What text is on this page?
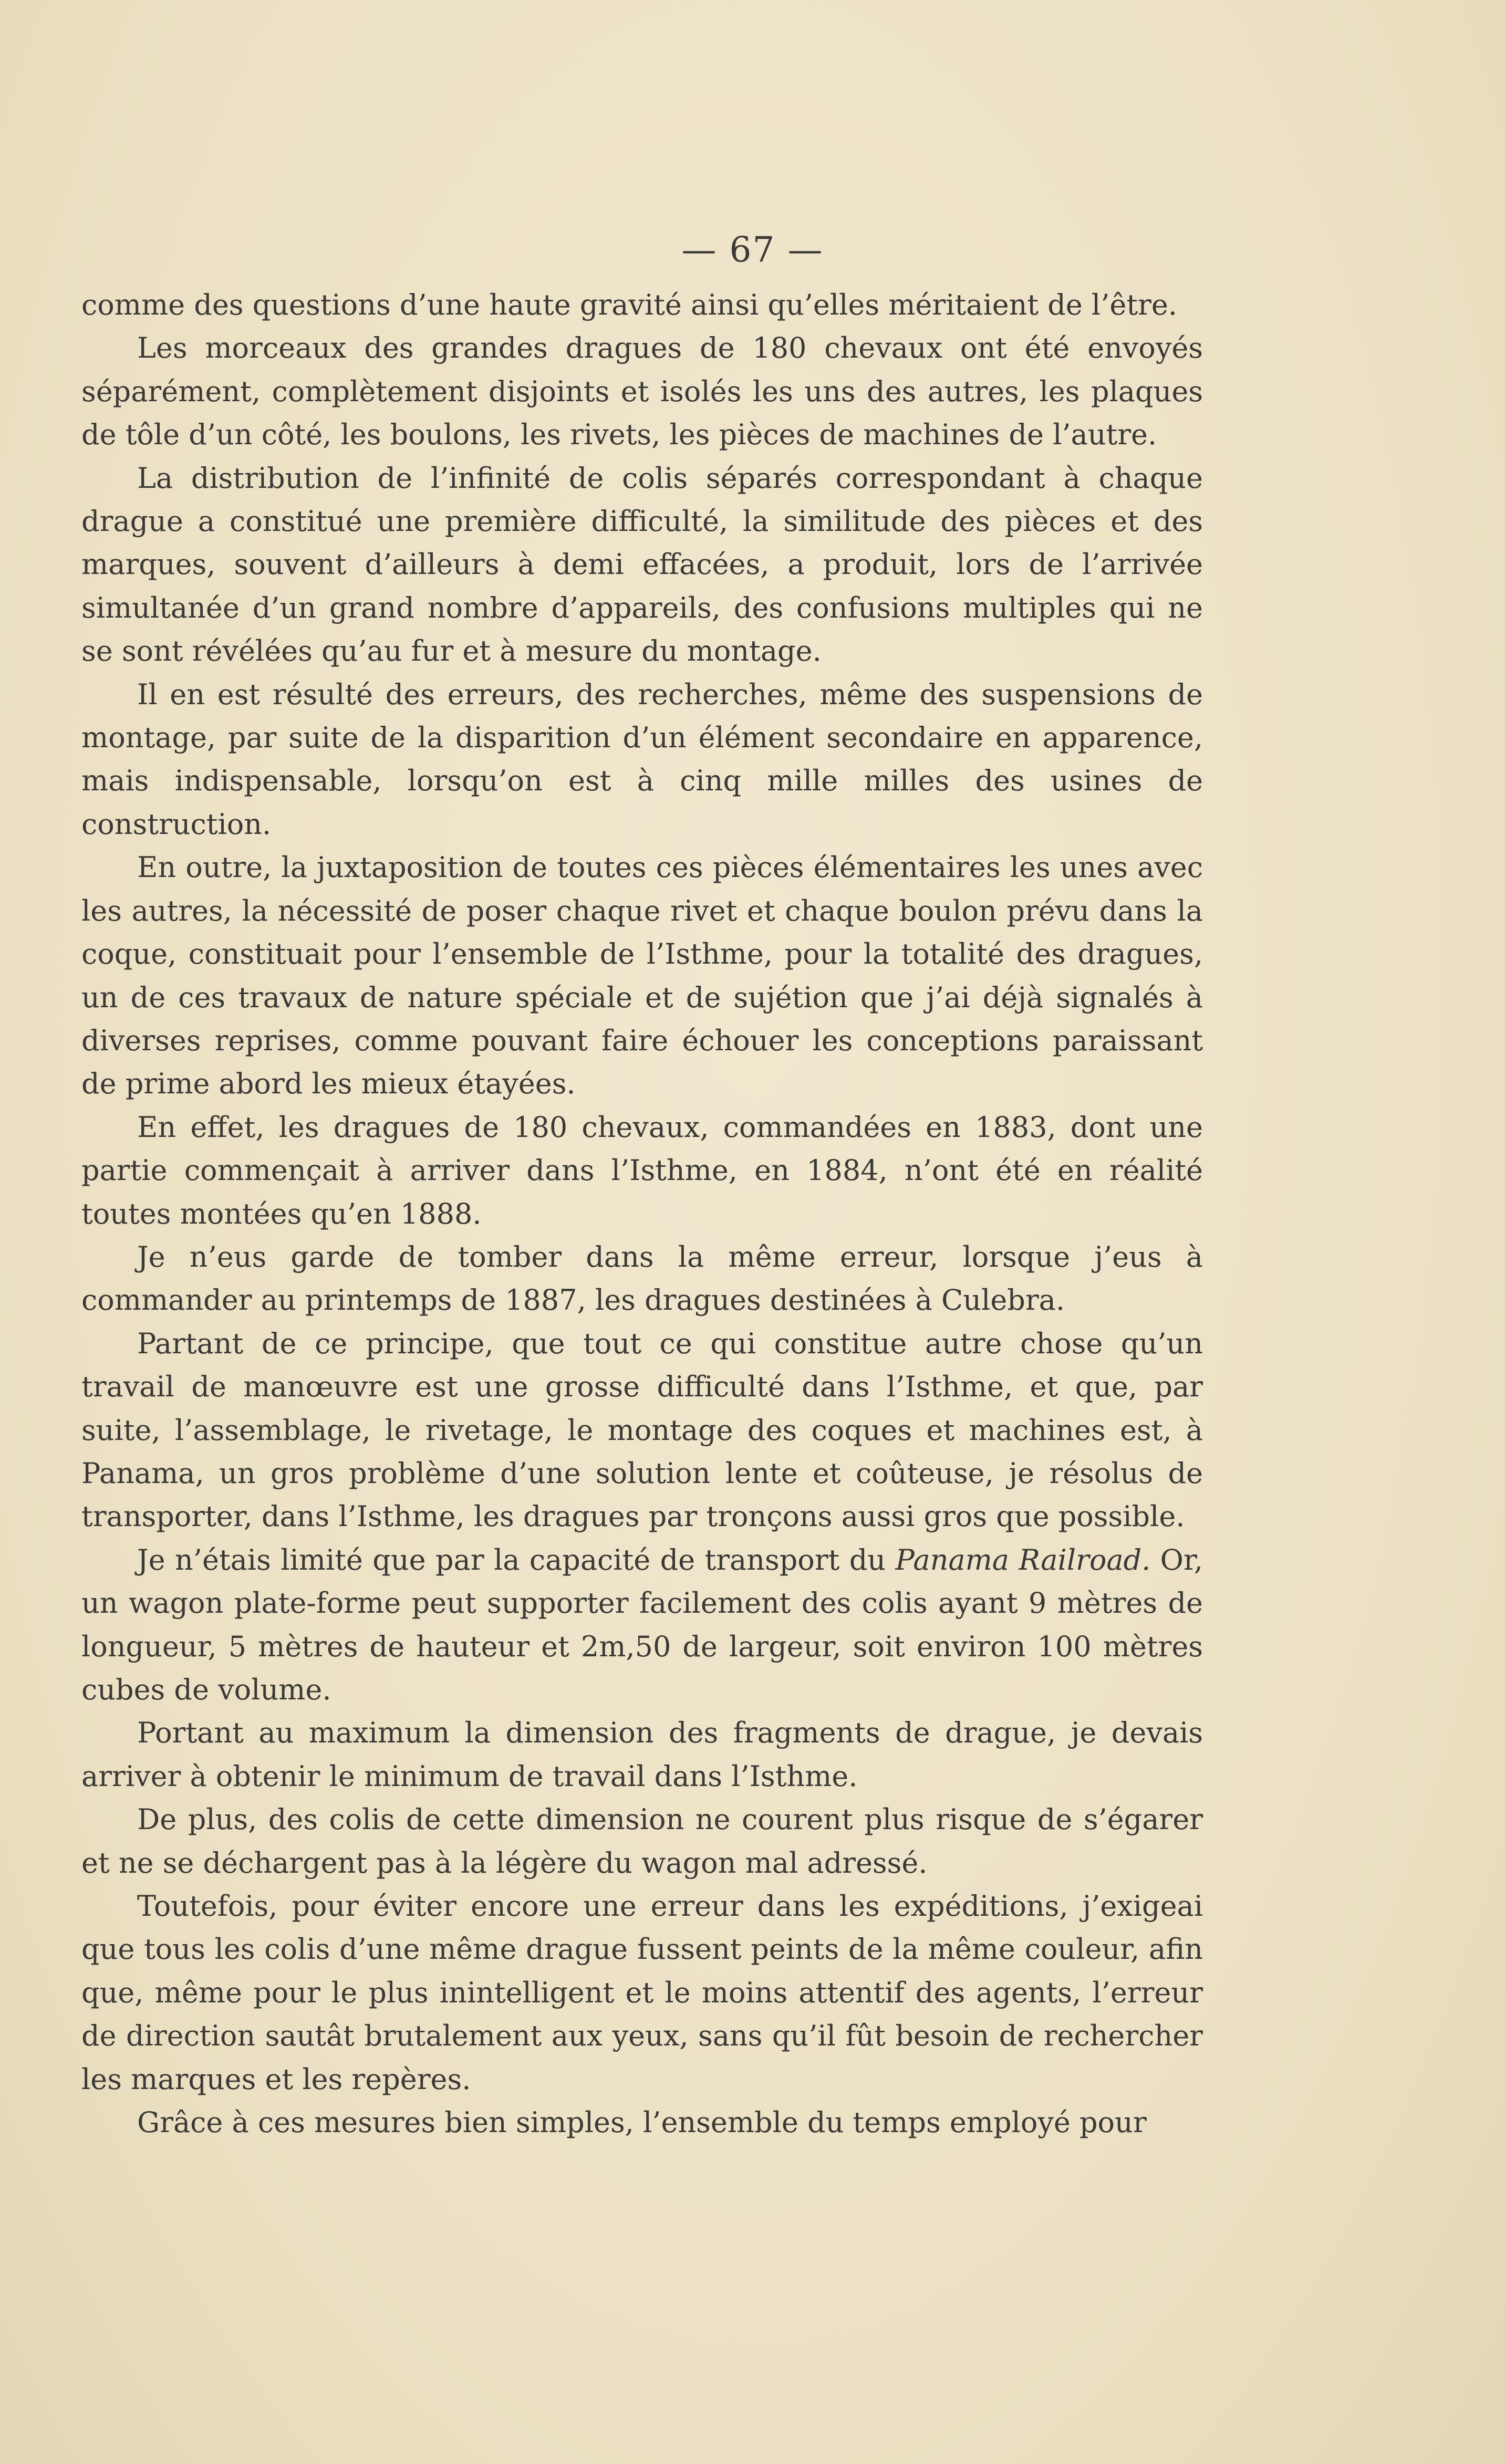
— 67 —

comme des questions d’une haute gravité ainsi qu’elles méritaient de l’être.

Les morceaux des grandes dragues de 180 chevaux ont été envoyés séparément, complètement disjoints et isolés les uns des autres, les plaques de tôle d’un côté, les boulons, les rivets, les pièces de machines de l’autre.

La distribution de l’infinité de colis séparés correspondant à chaque drague a constitué une première difficulté, la similitude des pièces et des marques, souvent d’ailleurs à demi effacées, a produit, lors de l’arrivée simultanée d’un grand nombre d’appareils, des confusions multiples qui ne se sont révélées qu’au fur et à mesure du montage.

Il en est résulté des erreurs, des recherches, même des suspensions de montage, par suite de la disparition d’un élément secondaire en apparence, mais indispensable, lorsqu’on est à cinq mille milles des usines de construction.

En outre, la juxtaposition de toutes ces pièces élémentaires les unes avec les autres, la nécessité de poser chaque rivet et chaque boulon prévu dans la coque, constituait pour l’ensemble de l’Isthme, pour la totalité des dragues, un de ces travaux de nature spéciale et de sujétion que j’ai déjà signalés à diverses reprises, comme pouvant faire échouer les conceptions paraissant de prime abord les mieux étayées.

En effet, les dragues de 180 chevaux, commandées en 1883, dont une partie commençait à arriver dans l’Isthme, en 1884, n’ont été en réalité toutes montées qu’en 1888.

Je n’eus garde de tomber dans la même erreur, lorsque j’eus à commander au printemps de 1887, les dragues destinées à Culebra.

Partant de ce principe, que tout ce qui constitue autre chose qu’un travail de manœuvre est une grosse difficulté dans l’Isthme, et que, par suite, l’assemblage, le rivetage, le montage des coques et machines est, à Panama, un gros problème d’une solution lente et coûteuse, je résolus de transporter, dans l’Isthme, les dragues par tronçons aussi gros que possible.

Je n’étais limité que par la capacité de transport du Panama Railroad. Or, un wagon plate-forme peut supporter facilement des colis ayant 9 mètres de longueur, 5 mètres de hauteur et 2m,50 de largeur, soit environ 100 mètres cubes de volume.

Portant au maximum la dimension des fragments de drague, je devais arriver à obtenir le minimum de travail dans l’Isthme.

De plus, des colis de cette dimension ne courent plus risque de s’égarer et ne se déchargent pas à la légère du wagon mal adressé.

Toutefois, pour éviter encore une erreur dans les expéditions, j’exigeai que tous les colis d’une même drague fussent peints de la même couleur, afin que, même pour le plus inintelligent et le moins attentif des agents, l’erreur de direction sautât brutalement aux yeux, sans qu’il fût besoin de rechercher les marques et les repères.

Grâce à ces mesures bien simples, l’ensemble du temps employé pour
